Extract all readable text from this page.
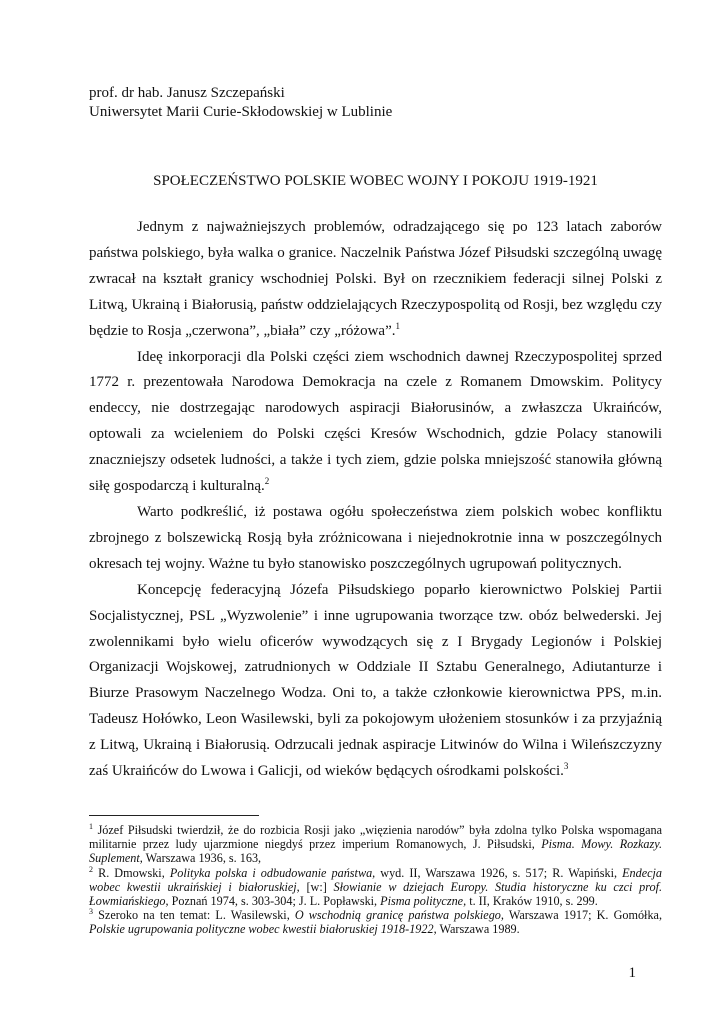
prof. dr hab. Janusz Szczepański
Uniwersytet Marii Curie-Skłodowskiej w Lublinie
SPOŁECZEŃSTWO POLSKIE WOBEC WOJNY I POKOJU 1919-1921

Jednym z najważniejszych problemów, odradzającego się po 123 latach zaborów państwa polskiego, była walka o granice. Naczelnik Państwa Józef Piłsudski szczególną uwagę zwracał na kształt granicy wschodniej Polski. Był on rzecznikiem federacji silnej Polski z Litwą, Ukrainą i Białorusią, państw oddzielających Rzeczypospolitą od Rosji, bez względu czy będzie to Rosja „czerwona”, „biała” czy „różowa”.$^1$

Ideę inkorporacji dla Polski części ziem wschodnich dawnej Rzeczypospolitej sprzed 1772 r. prezentowała Narodowa Demokracja na czele z Romanem Dmowskim. Politycy endeccy, nie dostrzegając narodowych aspiracji Białorusinów, a zwłaszcza Ukraińców, optowali za wcieleniem do Polski części Kresów Wschodnich, gdzie Polacy stanowili znaczniejszy odsetek ludności, a także i tych ziem, gdzie polska mniejszość stanowiła główną siłę gospodarczą i kulturalną.$^2$

Warto podkreślić, iż postawa ogółu społeczeństwa ziem polskich wobec konfliktu zbrojnego z bolszewicką Rosją była zróżnicowana i niejednokrotnie inna w poszczególnych okresach tej wojny. Ważne tu było stanowisko poszczególnych ugrupowań politycznych.

Koncepcję federacyjną Józefa Piłsudskiego poparło kierownictwo Polskiej Partii Socjalistycznej, PSL „Wyzwolenie” i inne ugrupowania tworzące tzw. obóz belwederski. Jej zwolennikami było wielu oficerów wywodzących się z I Brygady Legionów i Polskiej Organizacji Wojskowej, zatrudnionych w Oddziale II Sztabu Generalnego, Adiutanturze i Biurze Prasowym Naczelnego Wodza. Oni to, a także członkowie kierownictwa PPS, m.in. Tadeusz Hołówko, Leon Wasilewski, byli za pokojowym ułożeniem stosunków i za przyjaźnią z Litwą, Ukrainą i Białorusią. Odrzucali jednak aspiracje Litwinów do Wilna i Wileńszczyzny zaś Ukraińców do Lwowa i Galicji, od wieków będących ośrodkami polskości.$^3$

$^1$ Józef Piłsudski twierdził, że do rozbicia Rosji jako „więzienia narodów” była zdolna tylko Polska wspomagana militarnie przez ludy ujarzmione niegdyś przez imperium Romanowych, J. Piłsudski, Pisma. Mowy. Rozkazy. Suplement, Warszawa 1936, s. 163,

$^2$ R. Dmowski, Polityka polska i odbudowanie państwa, wyd. II, Warszawa 1926, s. 517; R. Wapiński, Endecja wobec kwestii ukraińskiej i białoruskiej, [w:] Słowianie w dziejach Europy. Studia historyczne ku czci prof. Łowmiańskiego, Poznań 1974, s. 303-304; J. L. Popławski, Pisma polityczne, t. II, Kraków 1910, s. 299.

$^3$ Szeroko na ten temat: L. Wasilewski, O wschodnią granicę państwa polskiego, Warszawa 1917; K. Gomółka, Polskie ugrupowania polityczne wobec kwestii białoruskiej 1918-1922, Warszawa 1989.

1
